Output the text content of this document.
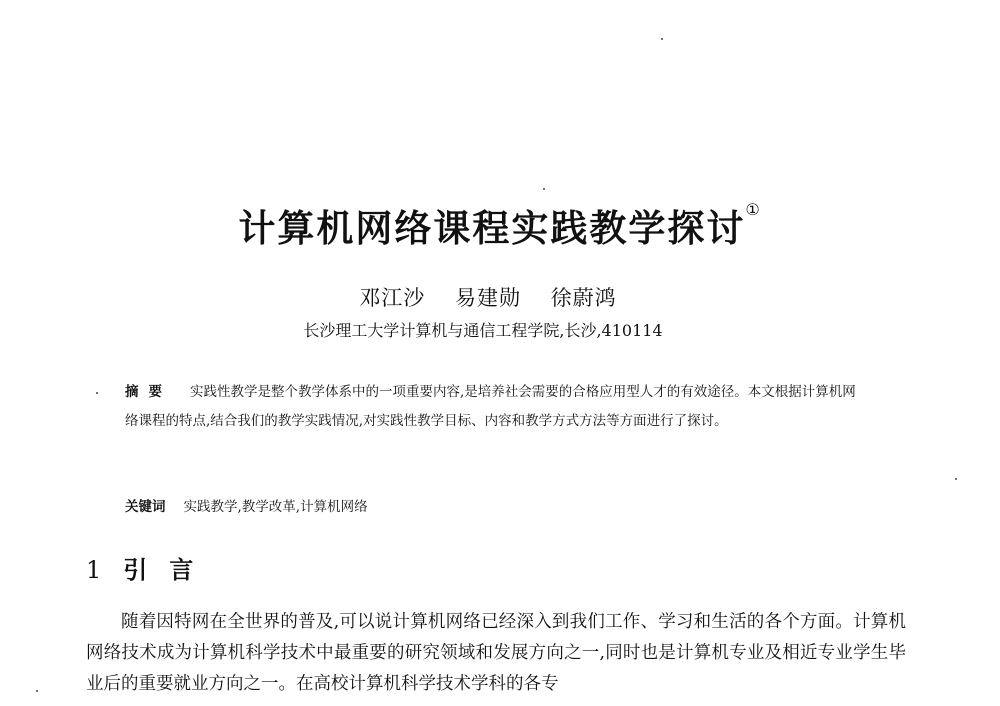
计算机网络课程实践教学探讨①
邓江沙 易建勋 徐蔚鸿
长沙理工大学计算机与通信工程学院,长沙,410114
摘要 实践性教学是整个教学体系中的一项重要内容,是培养社会需要的合格应用型人才的有效途径。本文根据计算机网络课程的特点,结合我们的教学实践情况,对实践性教学目标、内容和教学方式方法等方面进行了探讨。
关键词 实践教学,教学改革,计算机网络
1 引言

随着因特网在全世界的普及,可以说计算机网络已经深入到我们工作、学习和生活的各个方面。计算机网络技术成为计算机科学技术中最重要的研究领域和发展方向之一,同时也是计算机专业及相近专业学生毕业后的重要就业方向之一。在高校计算机科学技术学科的各专
